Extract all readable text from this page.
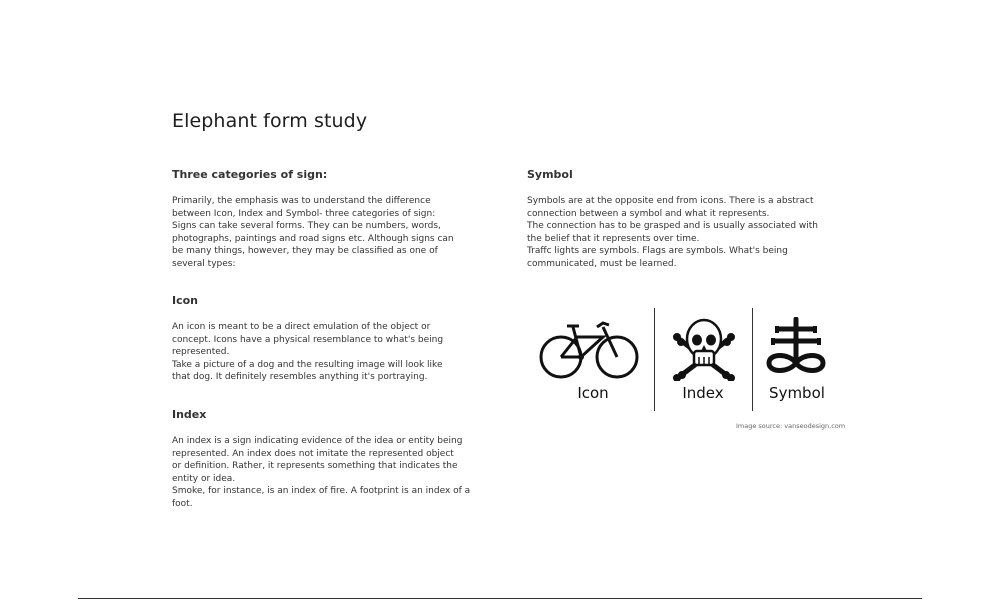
Elephant form study
Three categories of sign:

Primarily, the emphasis was to understand the difference
between Icon, Index and Symbol- three categories of sign:
Signs can take several forms. They can be numbers, words,
photographs, paintings and road signs etc. Although signs can
be many things, however, they may be classified as one of
several types:

Icon

An icon is meant to be a direct emulation of the object or
concept. Icons have a physical resemblance to what's being
represented.
Take a picture of a dog and the resulting image will look like
that dog. It definitely resembles anything it's portraying.

Index

An index is a sign indicating evidence of the idea or entity being
represented. An index does not imitate the represented object
or definition. Rather, it represents something that indicates the
entity or idea.
Smoke, for instance, is an index of fire. A footprint is an index of a
foot.

Symbol

Symbols are at the opposite end from icons. There is a abstract
connection between a symbol and what it represents.
The connection has to be grasped and is usually associated with
the belief that it represents over time.
Traffc lights are symbols. Flags are symbols. What's being
communicated, must be learned.

Icon	Index	Symbol
Image source: vanseodesign.com
